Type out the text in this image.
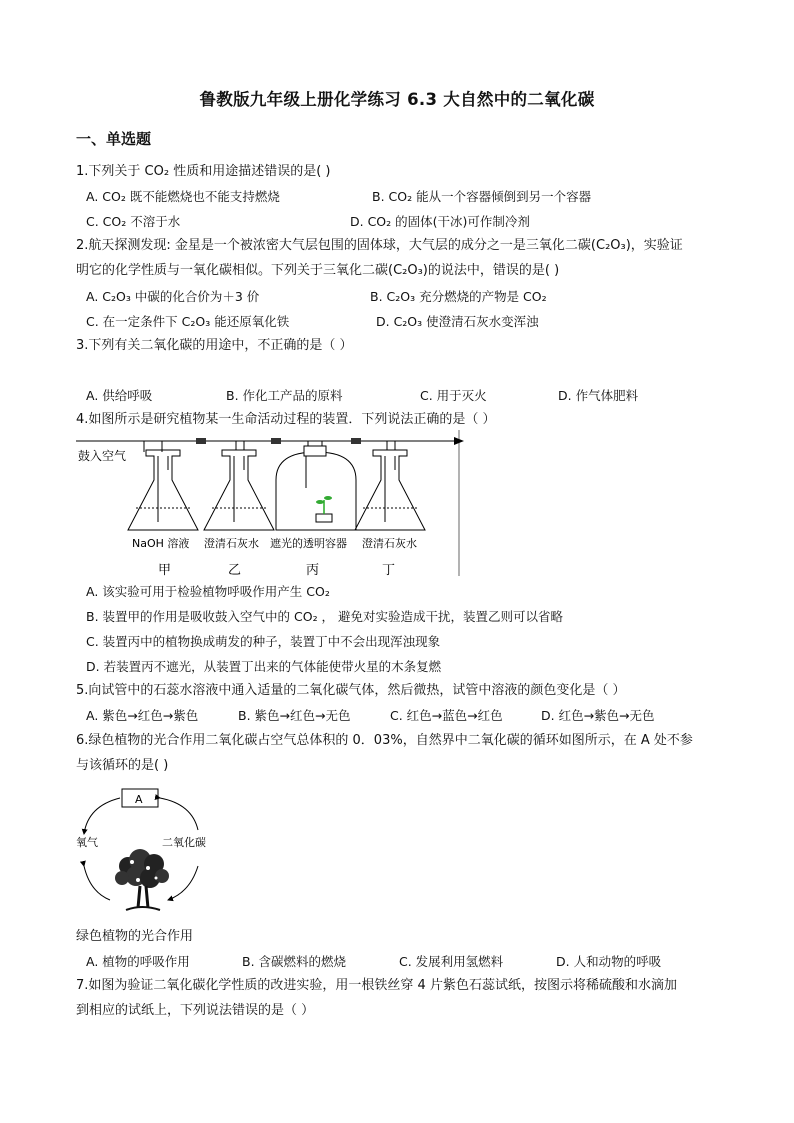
鲁教版九年级上册化学练习 6.3 大自然中的二氧化碳
一、单选题
1.下列关于 CO₂ 性质和用途描述错误的是( )
A. CO₂ 既不能燃烧也不能支持燃烧	B. CO₂ 能从一个容器倾倒到另一个容器
C. CO₂ 不溶于水	D. CO₂ 的固体(干冰)可作制冷剂
2.航天探测发现: 金星是一个被浓密大气层包围的固体球，大气层的成分之一是三氧化二碳(C₂O₃)，实验证
明它的化学性质与一氧化碳相似。下列关于三氧化二碳(C₂O₃)的说法中，错误的是( )
A. C₂O₃ 中碳的化合价为＋3 价	B. C₂O₃ 充分燃烧的产物是 CO₂
C. 在一定条件下 C₂O₃ 能还原氧化铁	D. C₂O₃ 使澄清石灰水变浑浊
3.下列有关二氧化碳的用途中，不正确的是（ ）
A. 供给呼吸	B. 作化工产品的原料	C. 用于灭火	D. 作气体肥料
4.如图所示是研究植物某一生命活动过程的装置．下列说法正确的是（ ）
鼓入空气
NaOH 溶液 澄清石灰水 遮光的透明容器 澄清石灰水
甲	乙	丙	丁
A. 该实验可用于检验植物呼吸作用产生 CO₂
B. 装置甲的作用是吸收鼓入空气中的 CO₂ ， 避免对实验造成干扰，装置乙则可以省略
C. 装置丙中的植物换成萌发的种子，装置丁中不会出现浑浊现象
D. 若装置丙不遮光，从装置丁出来的气体能使带火星的木条复燃
5.向试管中的石蕊水溶液中通入适量的二氧化碳气体，然后微热，试管中溶液的颜色变化是（ ）
A. 紫色→红色→紫色	B. 紫色→红色→无色	C. 红色→蓝色→红色	D. 红色→紫色→无色
6.绿色植物的光合作用二氧化碳占空气总体积的 0．03%，自然界中二氧化碳的循环如图所示，在 A 处不参
与该循环的是( )
A
氧气	二氧化碳
绿色植物的光合作用
A. 植物的呼吸作用	B. 含碳燃料的燃烧	C. 发展利用氢燃料	D. 人和动物的呼吸
7.如图为验证二氧化碳化学性质的改进实验，用一根铁丝穿 4 片紫色石蕊试纸，按图示将稀硫酸和水滴加
到相应的试纸上，下列说法错误的是（ ）
